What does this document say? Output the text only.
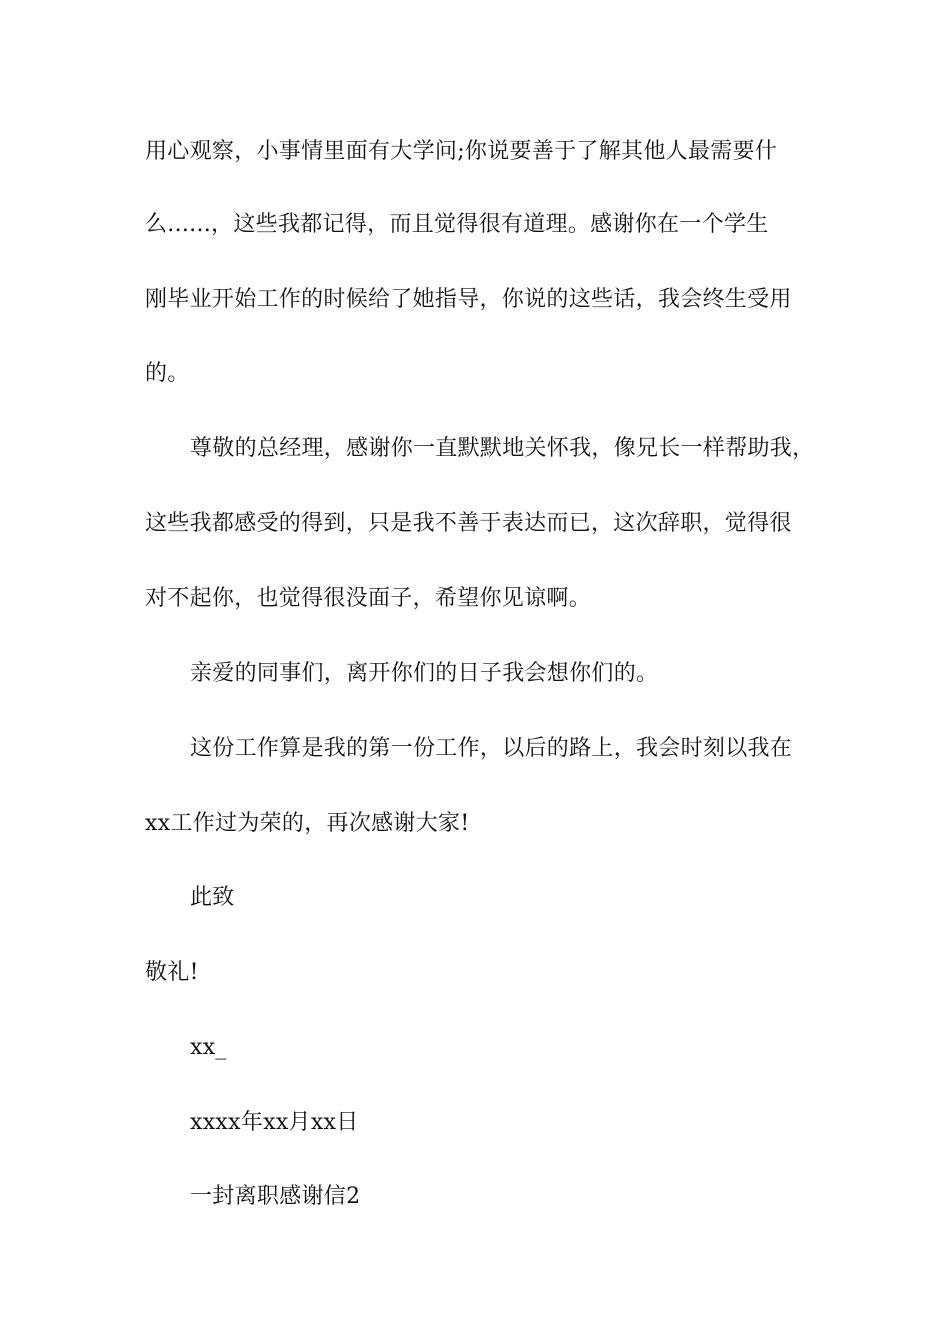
用心观察，小事情里面有大学问;你说要善于了解其他人最需要什
么......，这些我都记得，而且觉得很有道理。感谢你在一个学生
刚毕业开始工作的时候给了她指导，你说的这些话，我会终生受用
的。
尊敬的总经理，感谢你一直默默地关怀我，像兄长一样帮助我，
这些我都感受的得到，只是我不善于表达而已，这次辞职，觉得很
对不起你，也觉得很没面子，希望你见谅啊。
亲爱的同事们，离开你们的日子我会想你们的。
这份工作算是我的第一份工作，以后的路上，我会时刻以我在
xx工作过为荣的，再次感谢大家!
此致
敬礼!
xx_
xxxx年xx月xx日
一封离职感谢信2
